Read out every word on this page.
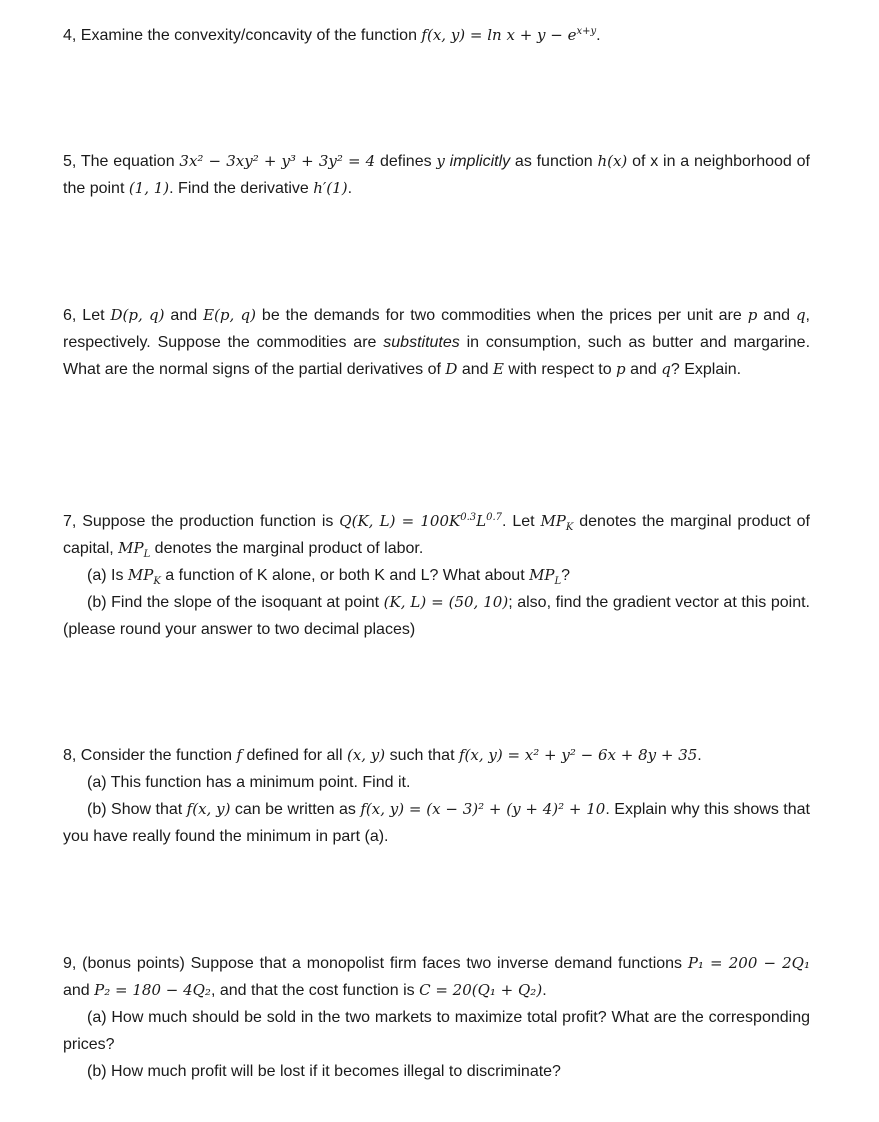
4, Examine the convexity/concavity of the function f(x, $y) = \ln x + y - e^{x+y}$.

5, The equation 3x² − 3xy² + y³ + 3y² = 4 defines y implicitly as function h(x) of x in a neighborhood of the point (1, 1). Find the derivative h′(1).

6, Let D(p, q) and E(p, q) be the demands for two commodities when the prices per unit are p and q, respectively. Suppose the commodities are substitutes in consumption, such as butter and margarine. What are the normal signs of the partial derivatives of D and E with respect to p and q? Explain.

7, Suppose the production function is Q(K, $L) = 100K^{0.3}L^{0.7}$. Let $MP_K$ denotes the marginal product of capital, $MP_L$ denotes the marginal product of labor.

(a) Is $MP_K$ a function of K alone, or both K and L? What about $MP_L$?

(b) Find the slope of the isoquant at point (K, L) = (50, 10); also, find the gradient vector at this point. (please round your answer to two decimal places)

8, Consider the function f defined for all (x, y) such that f(x, y) = x² + y² − 6x + 8y + 35.

(a) This function has a minimum point. Find it.

(b) Show that f(x, y) can be written as f(x, y) = (x − 3)² + (y + 4)² + 10. Explain why this shows that you have really found the minimum in part (a).

9, (bonus points) Suppose that a monopolist firm faces two inverse demand functions P₁ = 200 − 2Q₁ and P₂ = 180 − 4Q₂, and that the cost function is C = 20(Q₁ + Q₂).

(a) How much should be sold in the two markets to maximize total profit? What are the corresponding prices?

(b) How much profit will be lost if it becomes illegal to discriminate?
